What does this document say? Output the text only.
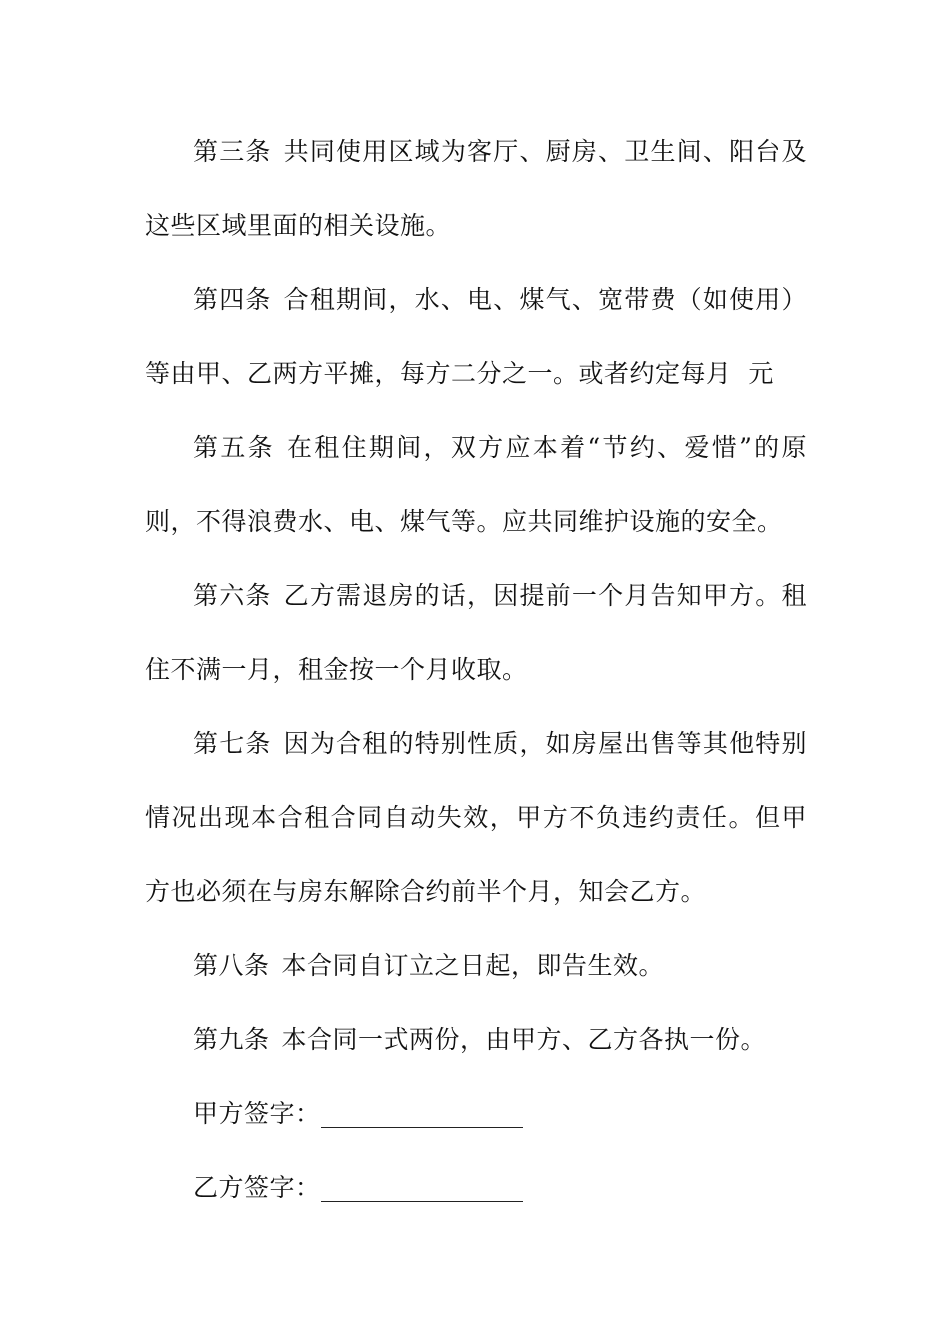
第三条 共同使用区域为客厅、厨房、卫生间、阳台及这些区域里面的相关设施。

第四条 合租期间，水、电、煤气、宽带费（如使用）等由甲、乙两方平摊，每方二分之一。或者约定每月  元

第五条 在租住期间，双方应本着“节约、爱惜”的原则，不得浪费水、电、煤气等。应共同维护设施的安全。

第六条 乙方需退房的话，因提前一个月告知甲方。租住不满一月，租金按一个月收取。

第七条 因为合租的特别性质，如房屋出售等其他特别情况出现本合租合同自动失效，甲方不负违约责任。但甲方也必须在与房东解除合约前半个月，知会乙方。

第八条 本合同自订立之日起，即告生效。

第九条 本合同一式两份，由甲方、乙方各执一份。

甲方签字：

乙方签字：
